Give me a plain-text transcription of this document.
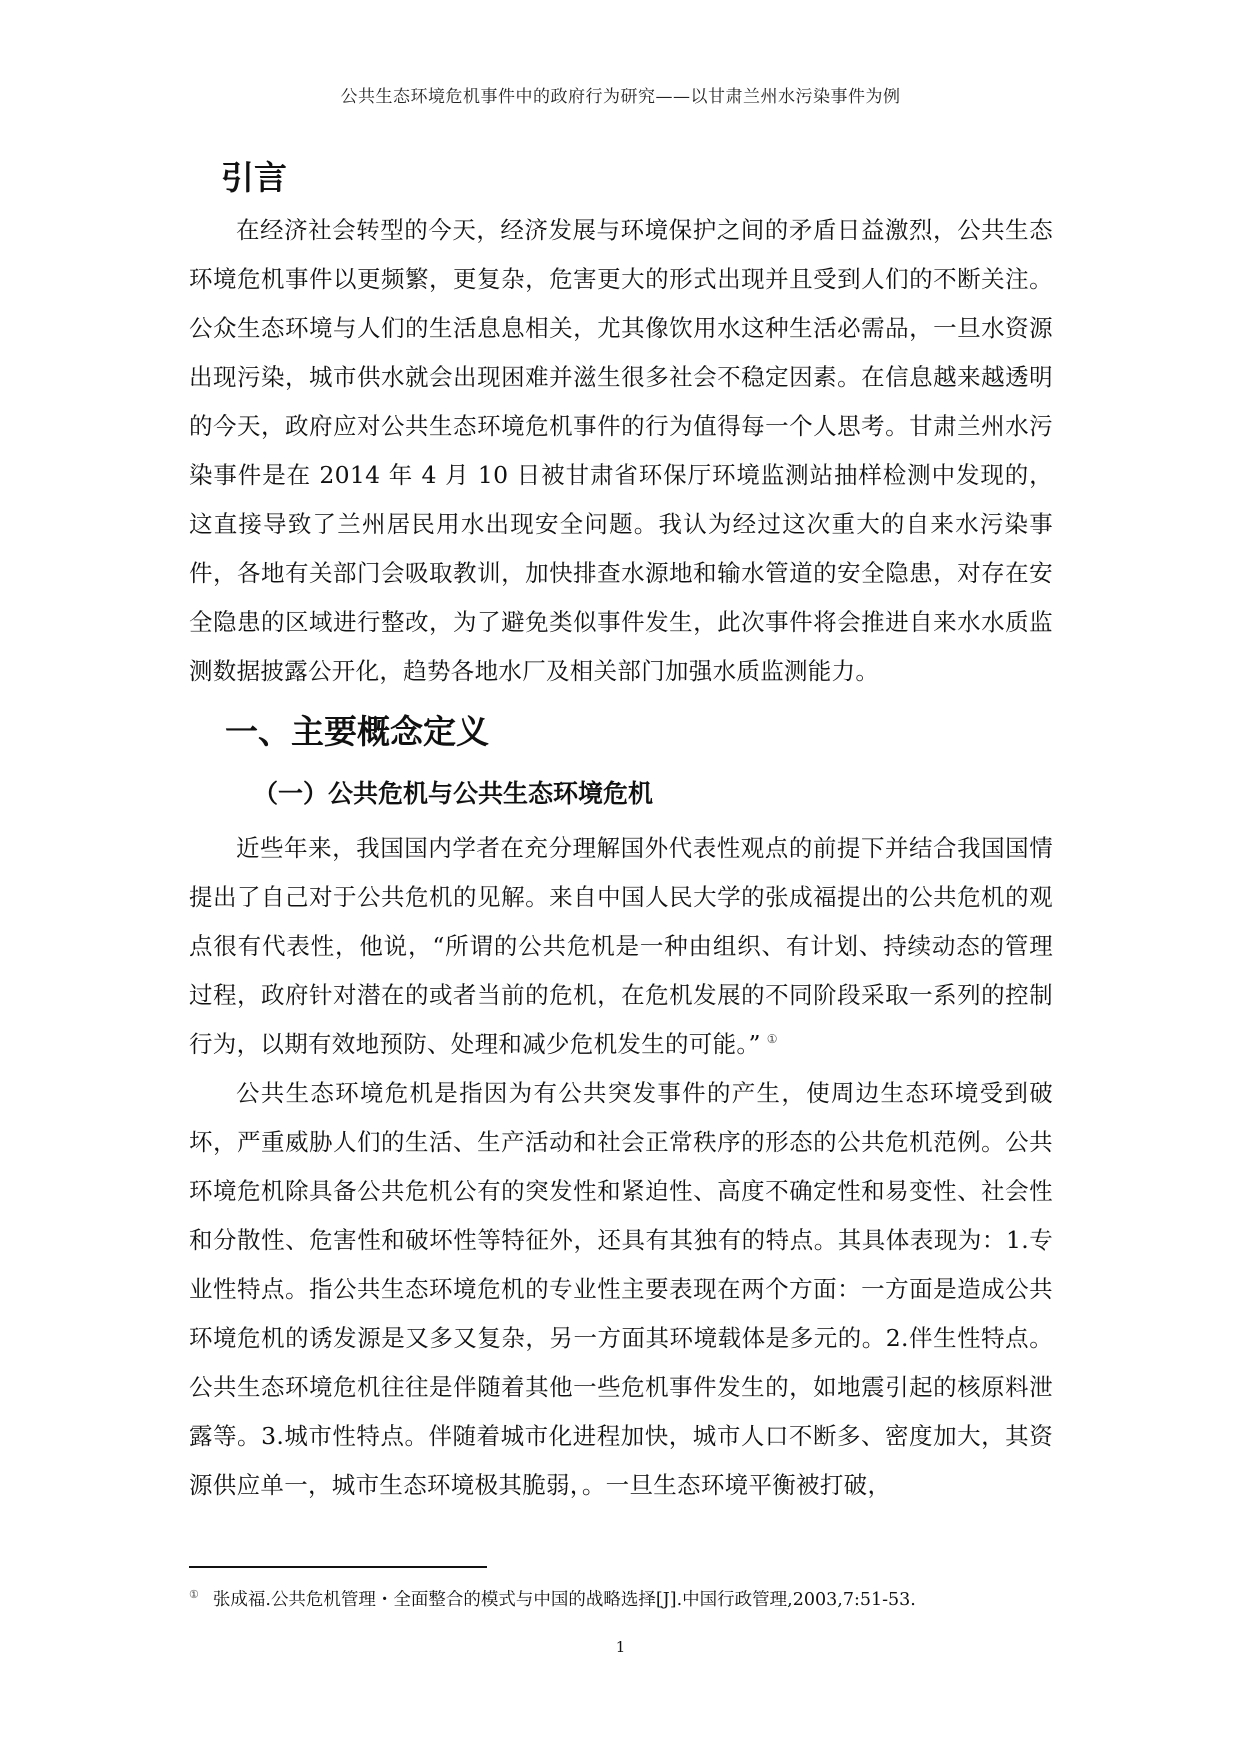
公共生态环境危机事件中的政府行为研究——以甘肃兰州水污染事件为例
引言

在经济社会转型的今天，经济发展与环境保护之间的矛盾日益激烈，公共生态环境危机事件以更频繁，更复杂，危害更大的形式出现并且受到人们的不断关注。公众生态环境与人们的生活息息相关，尤其像饮用水这种生活必需品，一旦水资源出现污染，城市供水就会出现困难并滋生很多社会不稳定因素。在信息越来越透明的今天，政府应对公共生态环境危机事件的行为值得每一个人思考。甘肃兰州水污染事件是在 2014 年 4 月 10 日被甘肃省环保厅环境监测站抽样检测中发现的，这直接导致了兰州居民用水出现安全问题。我认为经过这次重大的自来水污染事件，各地有关部门会吸取教训，加快排查水源地和输水管道的安全隐患，对存在安全隐患的区域进行整改，为了避免类似事件发生，此次事件将会推进自来水水质监测数据披露公开化，趋势各地水厂及相关部门加强水质监测能力。

一、主要概念定义
（一）公共危机与公共生态环境危机

近些年来，我国国内学者在充分理解国外代表性观点的前提下并结合我国国情提出了自己对于公共危机的见解。来自中国人民大学的张成福提出的公共危机的观点很有代表性，他说，“所谓的公共危机是一种由组织、有计划、持续动态的管理过程，政府针对潜在的或者当前的危机，在危机发展的不同阶段采取一系列的控制行为，以期有效地预防、处理和减少危机发生的可能。” ①

公共生态环境危机是指因为有公共突发事件的产生，使周边生态环境受到破坏，严重威胁人们的生活、生产活动和社会正常秩序的形态的公共危机范例。公共环境危机除具备公共危机公有的突发性和紧迫性、高度不确定性和易变性、社会性和分散性、危害性和破坏性等特征外，还具有其独有的特点。其具体表现为：1.专业性特点。指公共生态环境危机的专业性主要表现在两个方面：一方面是造成公共环境危机的诱发源是又多又复杂，另一方面其环境载体是多元的。2.伴生性特点。公共生态环境危机往往是伴随着其他一些危机事件发生的，如地震引起的核原料泄露等。3.城市性特点。伴随着城市化进程加快，城市人口不断多、密度加大，其资源供应单一，城市生态环境极其脆弱，。一旦生态环境平衡被打破，

① 张成福.公共危机管理・全面整合的模式与中国的战略选择[J].中国行政管理,2003,7:51-53.
1
